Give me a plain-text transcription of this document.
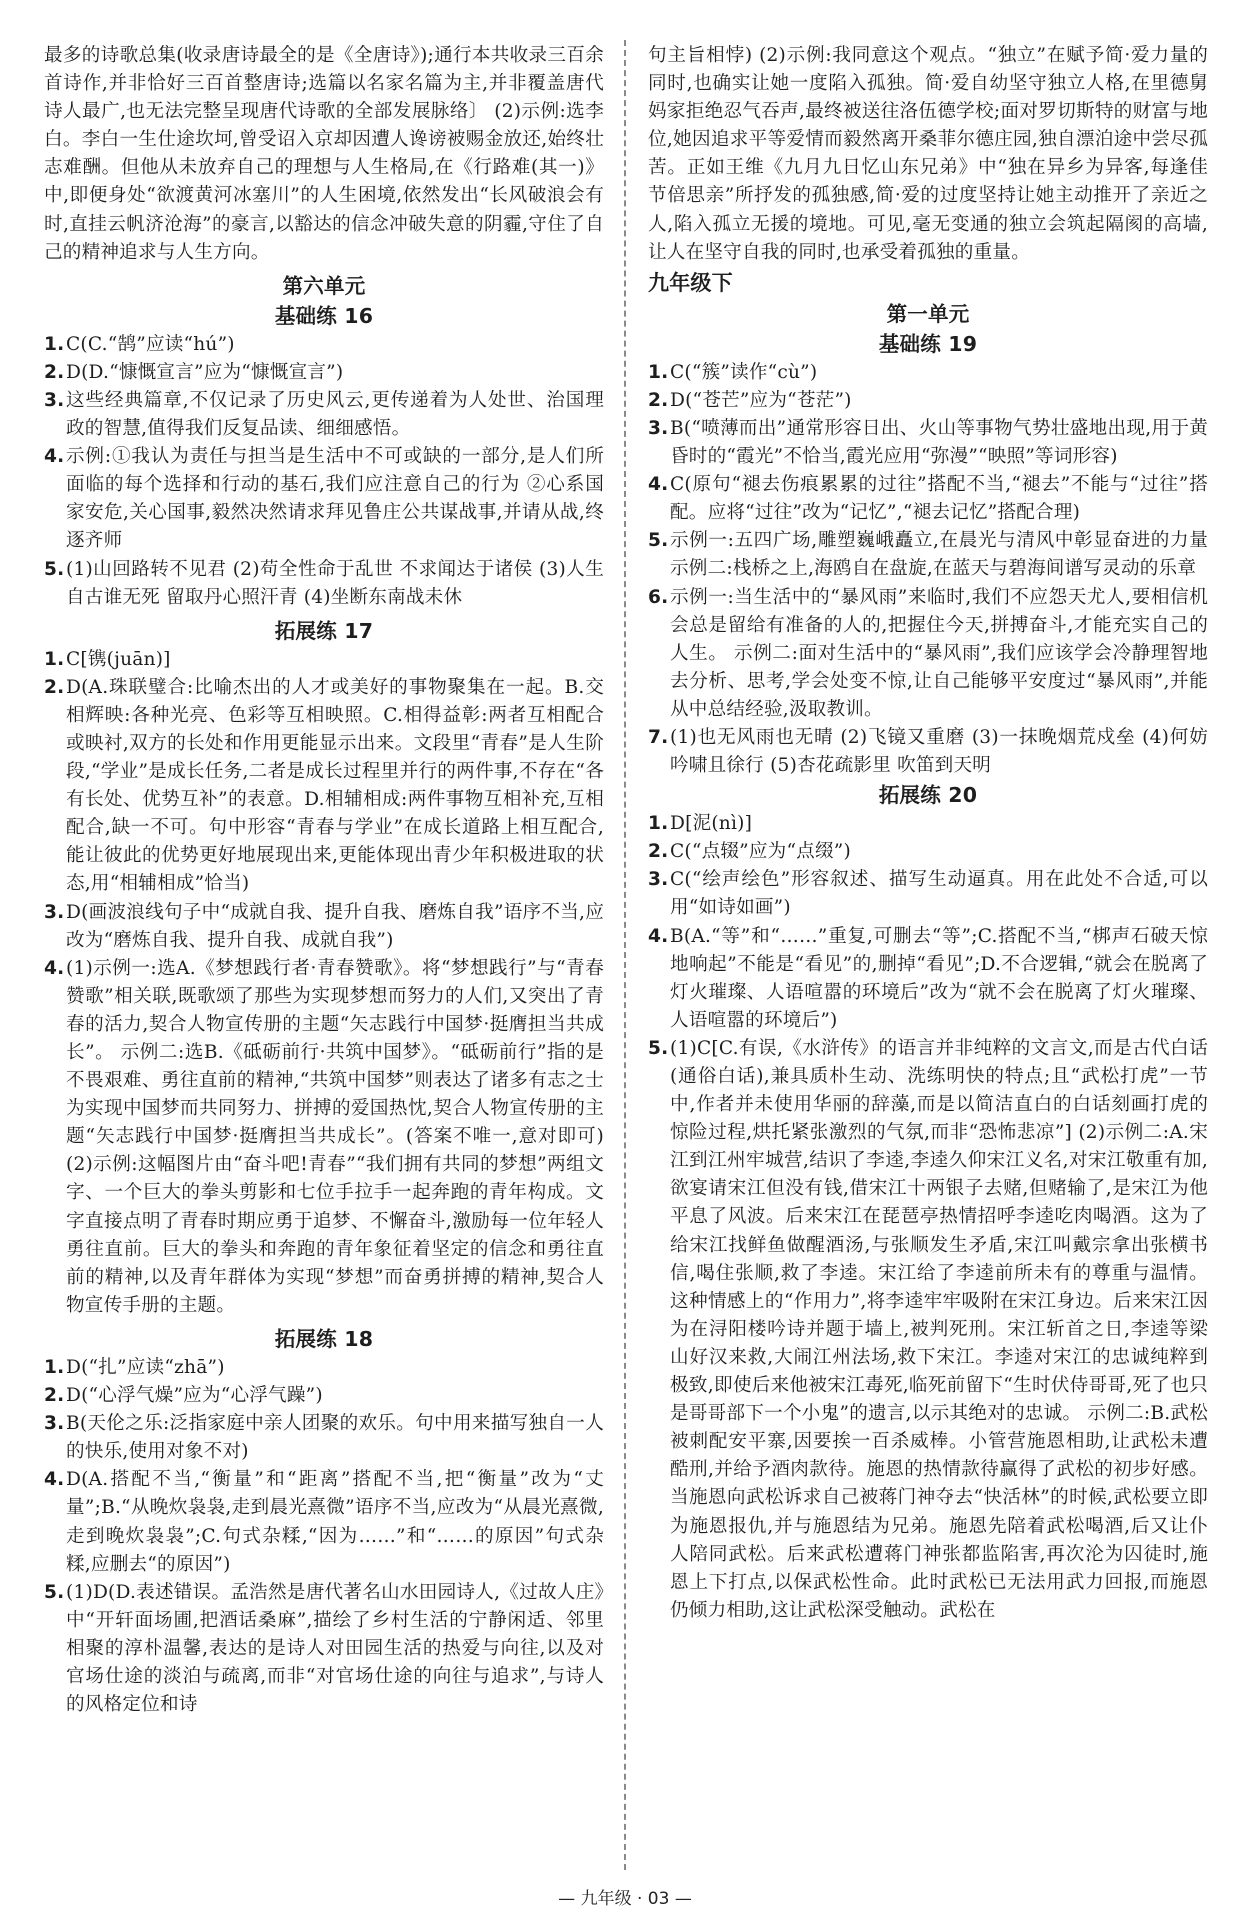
最多的诗歌总集(收录唐诗最全的是《全唐诗》);通行本共收录三百余首诗作,并非恰好三百首整唐诗;选篇以名家名篇为主,并非覆盖唐代诗人最广,也无法完整呈现唐代诗歌的全部发展脉络〕 (2)示例:选李白。李白一生仕途坎坷,曾受诏入京却因遭人谗谤被赐金放还,始终壮志难酬。但他从未放弃自己的理想与人生格局,在《行路难(其一)》中,即便身处“欲渡黄河冰塞川”的人生困境,依然发出“长风破浪会有时,直挂云帆济沧海”的豪言,以豁达的信念冲破失意的阴霾,守住了自己的精神追求与人生方向。

第六单元
基础练 16
1. C(C.“鹄”应读“hú”)
2. D(D.“慷慨宣言”应为“慷慨宣言”)
3. 这些经典篇章,不仅记录了历史风云,更传递着为人处世、治国理政的智慧,值得我们反复品读、细细感悟。
4. 示例:①我认为责任与担当是生活中不可或缺的一部分,是人们所面临的每个选择和行动的基石,我们应注意自己的行为 ②心系国家安危,关心国事,毅然决然请求拜见鲁庄公共谋战事,并请从战,终逐齐师
5. (1)山回路转不见君 (2)苟全性命于乱世 不求闻达于诸侯 (3)人生自古谁无死 留取丹心照汗青 (4)坐断东南战未休
拓展练 17
1. C[镌(juān)]
2. D(A.珠联璧合:比喻杰出的人才或美好的事物聚集在一起。B.交相辉映:各种光亮、色彩等互相映照。C.相得益彰:两者互相配合或映衬,双方的长处和作用更能显示出来。文段里“青春”是人生阶段,“学业”是成长任务,二者是成长过程里并行的两件事,不存在“各有长处、优势互补”的表意。D.相辅相成:两件事物互相补充,互相配合,缺一不可。句中形容“青春与学业”在成长道路上相互配合,能让彼此的优势更好地展现出来,更能体现出青少年积极进取的状态,用“相辅相成”恰当)
3. D(画波浪线句子中“成就自我、提升自我、磨炼自我”语序不当,应改为“磨炼自我、提升自我、成就自我”)
4. (1)示例一:选A.《梦想践行者·青春赞歌》。将“梦想践行”与“青春赞歌”相关联,既歌颂了那些为实现梦想而努力的人们,又突出了青春的活力,契合人物宣传册的主题“矢志践行中国梦·挺膺担当共成长”。 示例二:选B.《砥砺前行·共筑中国梦》。“砥砺前行”指的是不畏艰难、勇往直前的精神,“共筑中国梦”则表达了诸多有志之士为实现中国梦而共同努力、拼搏的爱国热忱,契合人物宣传册的主题“矢志践行中国梦·挺膺担当共成长”。(答案不唯一,意对即可) (2)示例:这幅图片由“奋斗吧!青春”“我们拥有共同的梦想”两组文字、一个巨大的拳头剪影和七位手拉手一起奔跑的青年构成。文字直接点明了青春时期应勇于追梦、不懈奋斗,激励每一位年轻人勇往直前。巨大的拳头和奔跑的青年象征着坚定的信念和勇往直前的精神,以及青年群体为实现“梦想”而奋勇拼搏的精神,契合人物宣传手册的主题。
拓展练 18
1. D(“扎”应读“zhā”)
2. D(“心浮气燥”应为“心浮气躁”)
3. B(天伦之乐:泛指家庭中亲人团聚的欢乐。句中用来描写独自一人的快乐,使用对象不对)
4. D(A.搭配不当,“衡量”和“距离”搭配不当,把“衡量”改为“丈量”;B.“从晚炊袅袅,走到晨光熹微”语序不当,应改为“从晨光熹微,走到晚炊袅袅”;C.句式杂糅,“因为……”和“……的原因”句式杂糅,应删去“的原因”)
5. (1)D(D.表述错误。孟浩然是唐代著名山水田园诗人,《过故人庄》中“开轩面场圃,把酒话桑麻”,描绘了乡村生活的宁静闲适、邻里相聚的淳朴温馨,表达的是诗人对田园生活的热爱与向往,以及对官场仕途的淡泊与疏离,而非“对官场仕途的向往与追求”,与诗人的风格定位和诗

句主旨相悖) (2)示例:我同意这个观点。“独立”在赋予简·爱力量的同时,也确实让她一度陷入孤独。简·爱自幼坚守独立人格,在里德舅妈家拒绝忍气吞声,最终被送往洛伍德学校;面对罗切斯特的财富与地位,她因追求平等爱情而毅然离开桑菲尔德庄园,独自漂泊途中尝尽孤苦。正如王维《九月九日忆山东兄弟》中“独在异乡为异客,每逢佳节倍思亲”所抒发的孤独感,简·爱的过度坚持让她主动推开了亲近之人,陷入孤立无援的境地。可见,毫无变通的独立会筑起隔阂的高墙,让人在坚守自我的同时,也承受着孤独的重量。

九年级下
第一单元
基础练 19
1. C(“簇”读作“cù”)
2. D(“苍芒”应为“苍茫”)
3. B(“喷薄而出”通常形容日出、火山等事物气势壮盛地出现,用于黄昏时的“霞光”不恰当,霞光应用“弥漫”“映照”等词形容)
4. C(原句“褪去伤痕累累的过往”搭配不当,“褪去”不能与“过往”搭配。应将“过往”改为“记忆”,“褪去记忆”搭配合理)
5. 示例一:五四广场,雕塑巍峨矗立,在晨光与清风中彰显奋进的力量 示例二:栈桥之上,海鸥自在盘旋,在蓝天与碧海间谱写灵动的乐章
6. 示例一:当生活中的“暴风雨”来临时,我们不应怨天尤人,要相信机会总是留给有准备的人的,把握住今天,拼搏奋斗,才能充实自己的人生。 示例二:面对生活中的“暴风雨”,我们应该学会冷静理智地去分析、思考,学会处变不惊,让自己能够平安度过“暴风雨”,并能从中总结经验,汲取教训。
7. (1)也无风雨也无晴 (2)飞镜又重磨 (3)一抹晚烟荒戍垒 (4)何妨吟啸且徐行 (5)杏花疏影里 吹笛到天明
拓展练 20
1. D[泥(nì)]
2. C(“点辍”应为“点缀”)
3. C(“绘声绘色”形容叙述、描写生动逼真。用在此处不合适,可以用“如诗如画”)
4. B(A.“等”和“……”重复,可删去“等”;C.搭配不当,“梆声石破天惊地响起”不能是“看见”的,删掉“看见”;D.不合逻辑,“就会在脱离了灯火璀璨、人语喧嚣的环境后”改为“就不会在脱离了灯火璀璨、人语喧嚣的环境后”)
5. (1)C[C.有误,《水浒传》的语言并非纯粹的文言文,而是古代白话(通俗白话),兼具质朴生动、洗练明快的特点;且“武松打虎”一节中,作者并未使用华丽的辞藻,而是以简洁直白的白话刻画打虎的惊险过程,烘托紧张激烈的气氛,而非“恐怖悲凉”] (2)示例二:A.宋江到江州牢城营,结识了李逵,李逵久仰宋江义名,对宋江敬重有加,欲宴请宋江但没有钱,借宋江十两银子去赌,但赌输了,是宋江为他平息了风波。后来宋江在琵琶亭热情招呼李逵吃肉喝酒。这为了给宋江找鲜鱼做醒酒汤,与张顺发生矛盾,宋江叫戴宗拿出张横书信,喝住张顺,救了李逵。宋江给了李逵前所未有的尊重与温情。这种情感上的“作用力”,将李逵牢牢吸附在宋江身边。后来宋江因为在浔阳楼吟诗并题于墙上,被判死刑。宋江斩首之日,李逵等梁山好汉来救,大闹江州法场,救下宋江。李逵对宋江的忠诚纯粹到极致,即使后来他被宋江毒死,临死前留下“生时伏侍哥哥,死了也只是哥哥部下一个小鬼”的遗言,以示其绝对的忠诚。 示例二:B.武松被刺配安平寨,因要挨一百杀威棒。小管营施恩相助,让武松未遭酷刑,并给予酒肉款待。施恩的热情款待赢得了武松的初步好感。当施恩向武松诉求自己被蒋门神夺去“快活林”的时候,武松要立即为施恩报仇,并与施恩结为兄弟。施恩先陪着武松喝酒,后又让仆人陪同武松。后来武松遭蒋门神张都监陷害,再次沦为囚徒时,施恩上下打点,以保武松性命。此时武松已无法用武力回报,而施恩仍倾力相助,这让武松深受触动。武松在
— 九年级 · 03 —
